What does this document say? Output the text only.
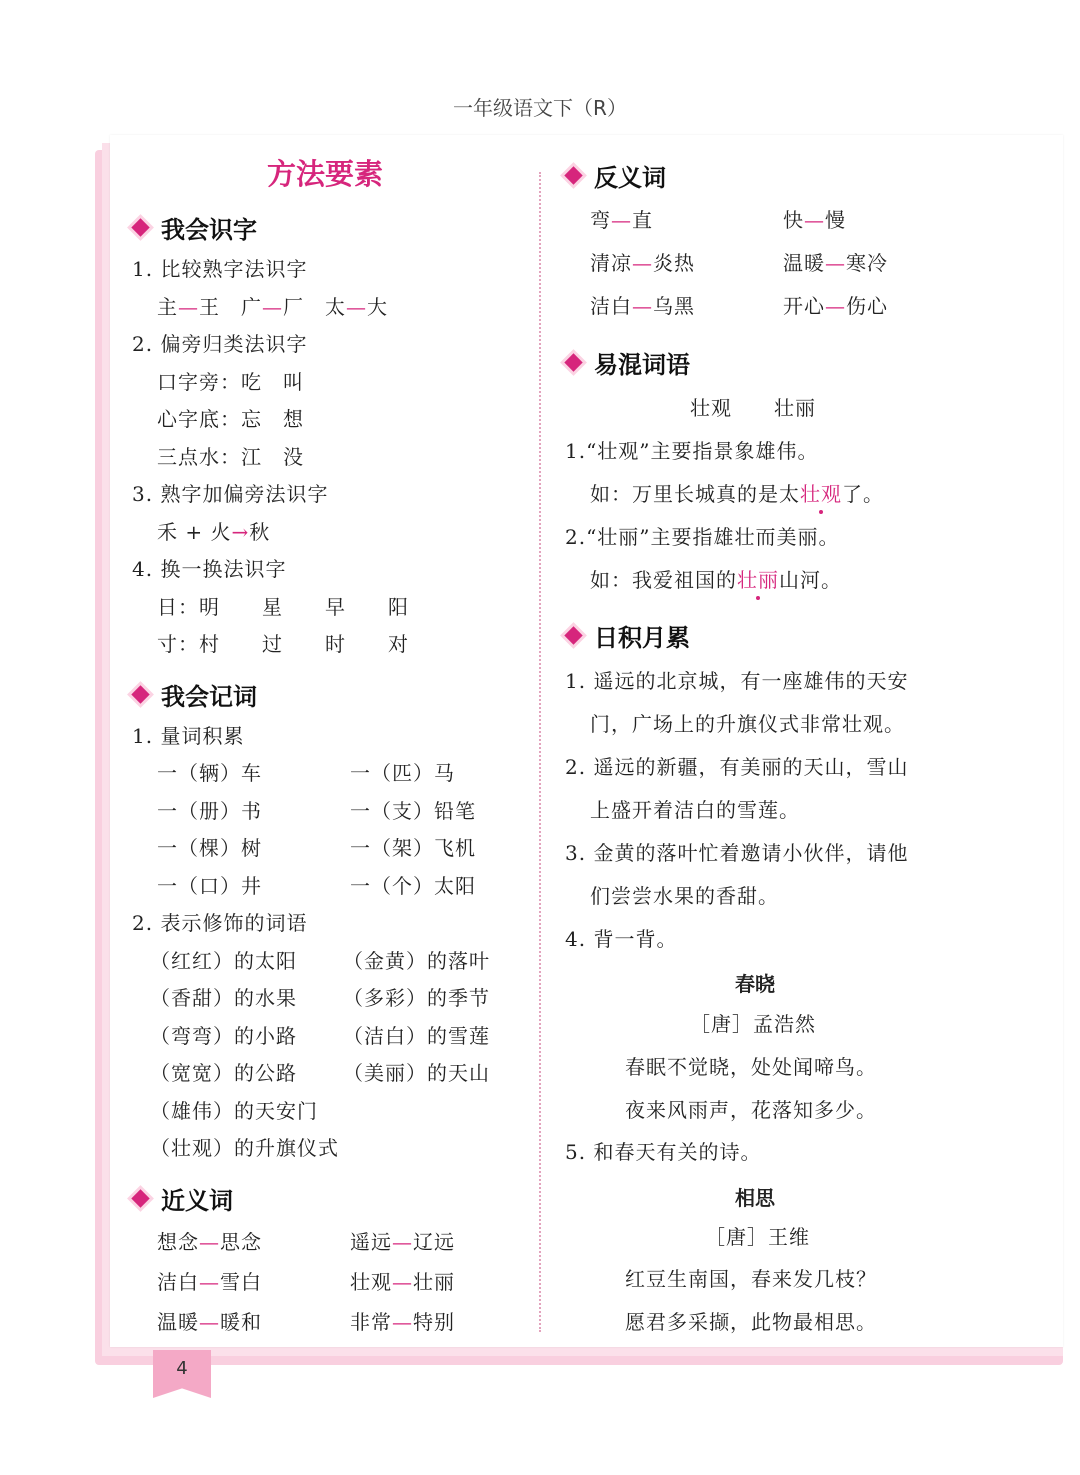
一年级语文下（R）
4
方法要素
我会识字
1. 比较熟字法识字
主—王　 广—厂　 太—大
2. 偏旁归类法识字
口字旁：吃　叫
心字底：忘　想
三点水：江　没
3. 熟字加偏旁法识字
禾 + 火→秋
4. 换一换法识字
日：明　　星　　早　　阳
寸：村　　过　　时　　对
我会记词
1. 量词积累
一（辆）车
一（册）书
一（棵）树
一（口）井
一（匹）马
一（支）铅笔
一（架）飞机
一（个）太阳
2. 表示修饰的词语
（红红）的太阳
（香甜）的水果
（弯弯）的小路
（宽宽）的公路
（雄伟）的天安门
（壮观）的升旗仪式
（金黄）的落叶
（多彩）的季节
（洁白）的雪莲
（美丽）的天山
近义词
想念—思念
洁白—雪白
温暖—暖和
遥远—辽远
壮观—壮丽
非常—特别
反义词
弯—直
清凉—炎热
洁白—乌黑
快—慢
温暖—寒冷
开心—伤心
易混词语
壮观　　壮丽
1.“壮观”主要指景象雄伟。
如：万里长城真的是太壮观了。
2.“壮丽”主要指雄壮而美丽。
如：我爱祖国的壮丽山河。
日积月累
1. 遥远的北京城，有一座雄伟的天安
门，广场上的升旗仪式非常壮观。
2. 遥远的新疆，有美丽的天山，雪山
上盛开着洁白的雪莲。
3. 金黄的落叶忙着邀请小伙伴，请他
们尝尝水果的香甜。
4. 背一背。
春晓
［唐］孟浩然
春眠不觉晓，处处闻啼鸟。
夜来风雨声，花落知多少。
5. 和春天有关的诗。
相思
［唐］王维
红豆生南国，春来发几枝？
愿君多采撷，此物最相思。
